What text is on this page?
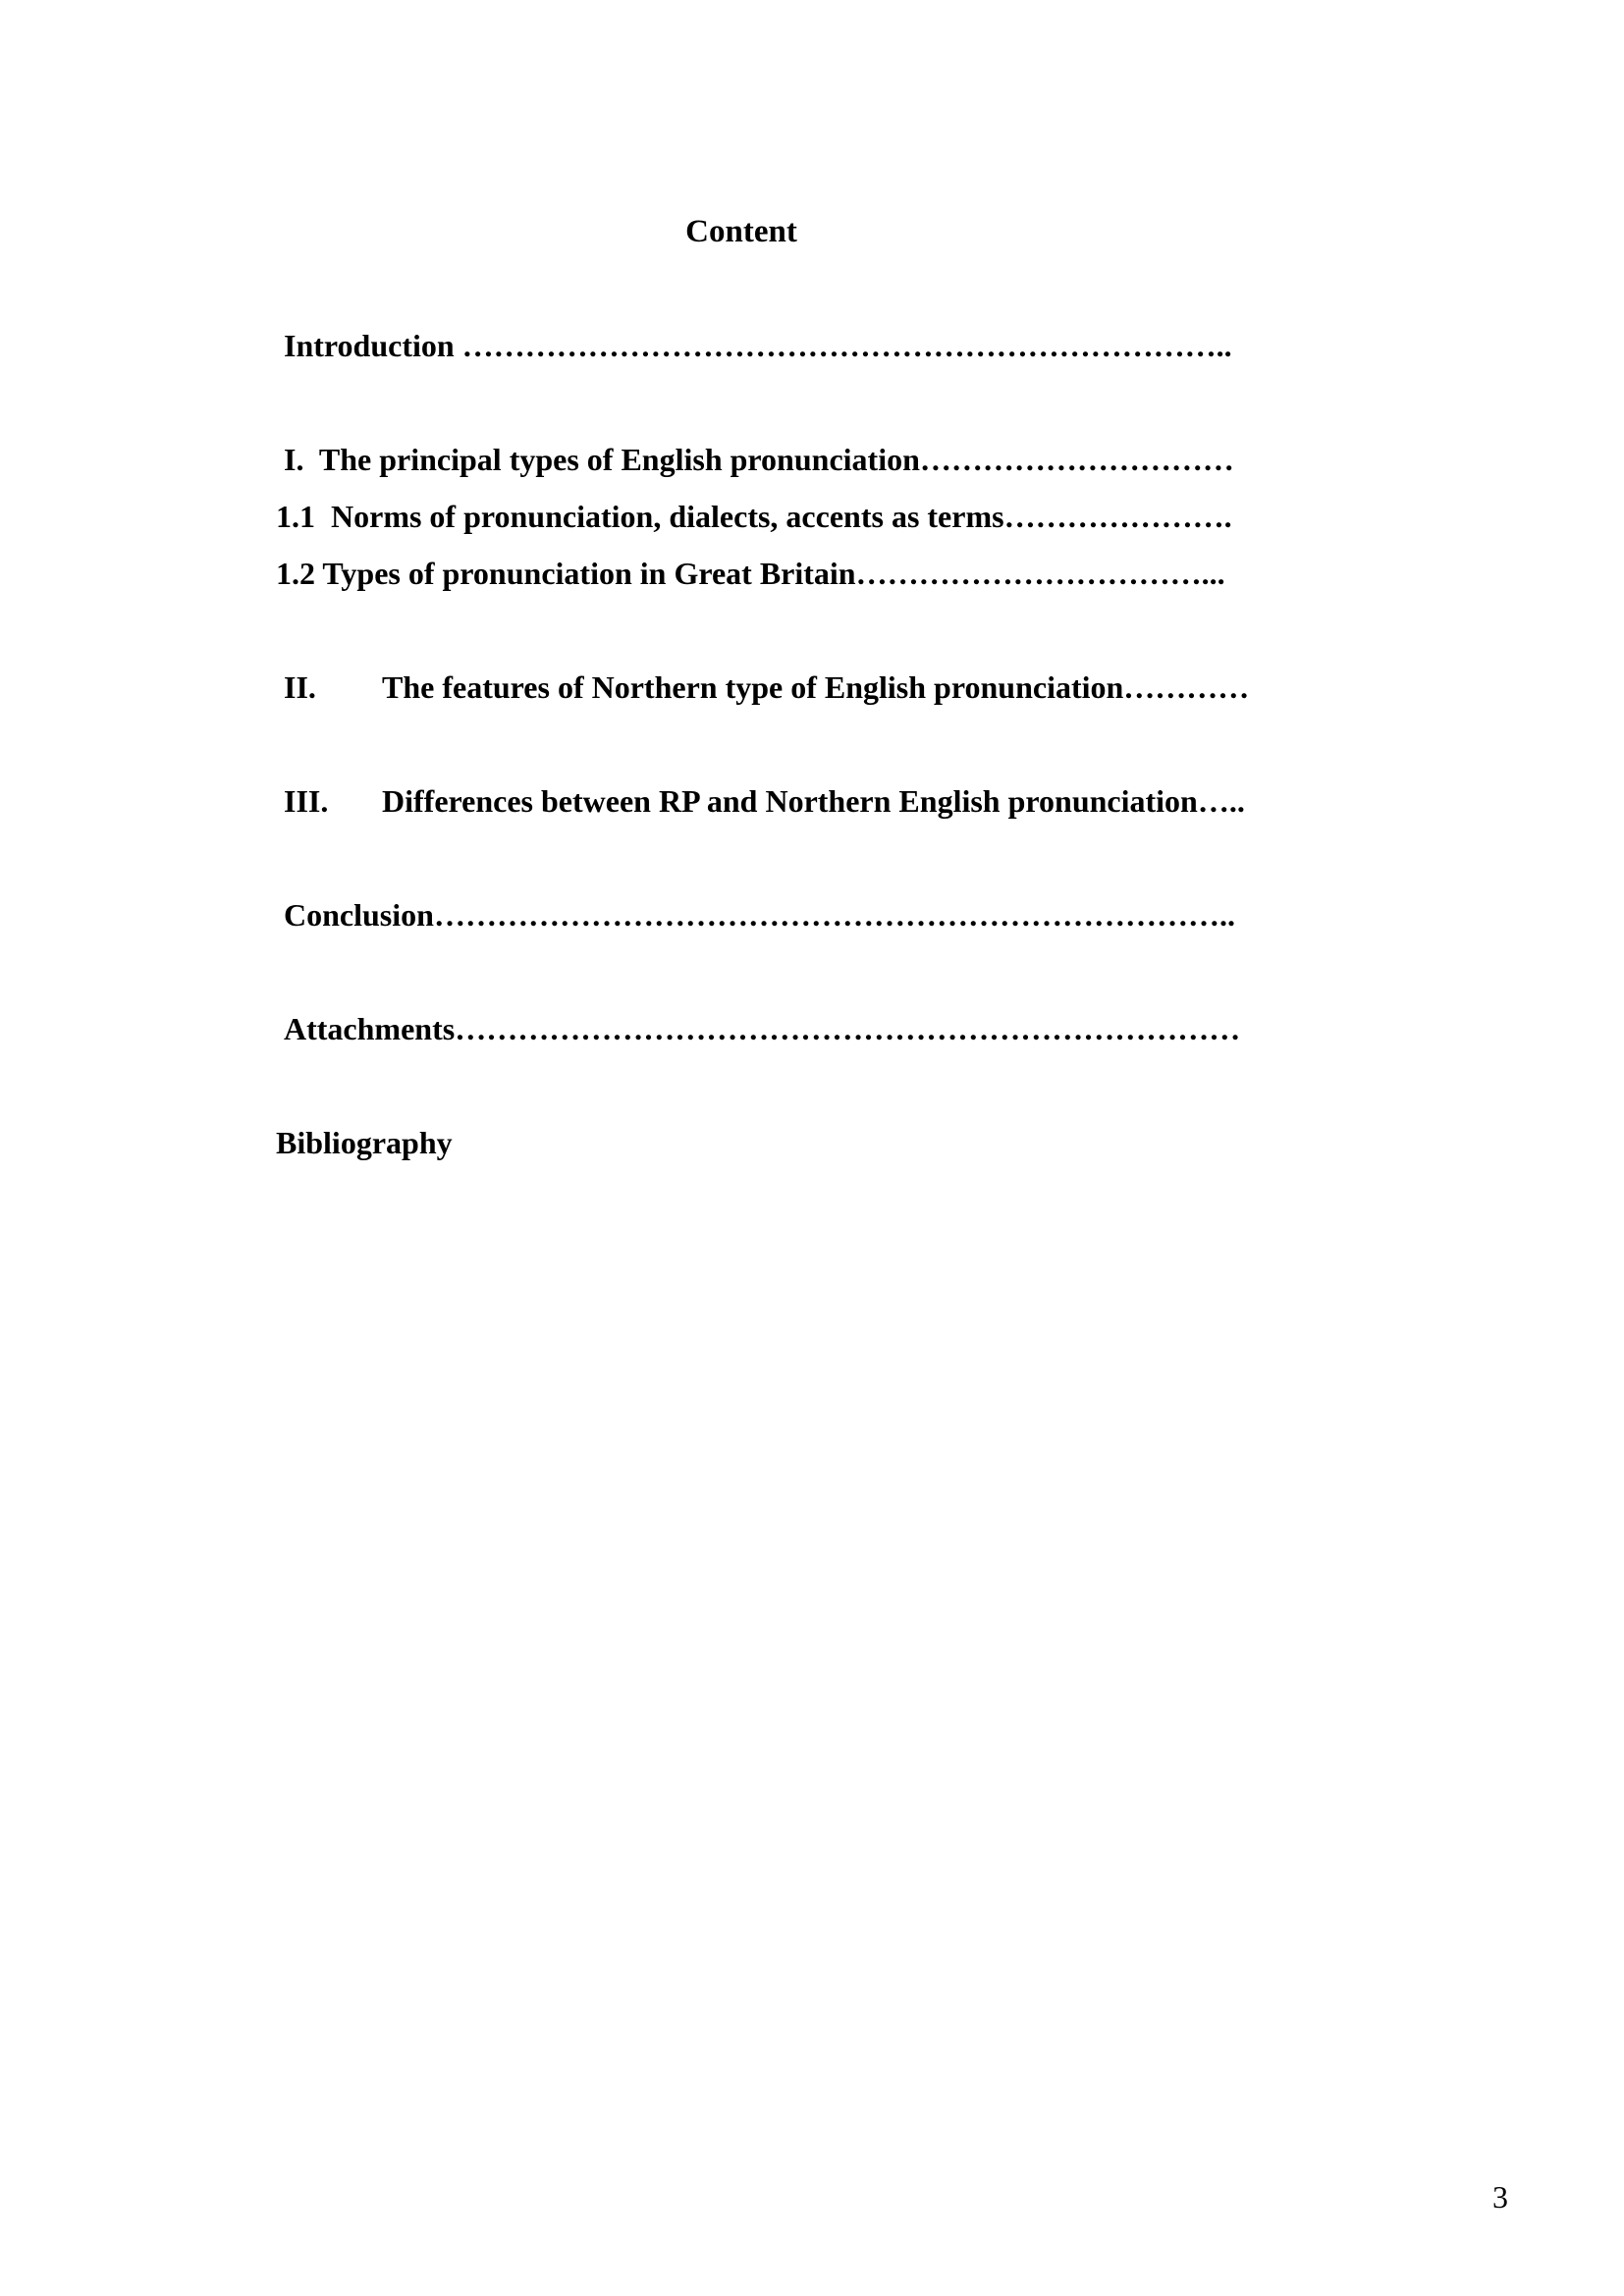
Content
Introduction ………………………………………………………………..
I. The principal types of English pronunciation…………………………
1.1 Norms of pronunciation, dialects, accents as terms………………….
1.2 Types of pronunciation in Great Britain……………………………...
II. The features of Northern type of English pronunciation…………
III. Differences between RP and Northern English pronunciation…..
Conclusion…………………………………………………………………..
Attachments…………………………………………………………………
Bibliography
3
